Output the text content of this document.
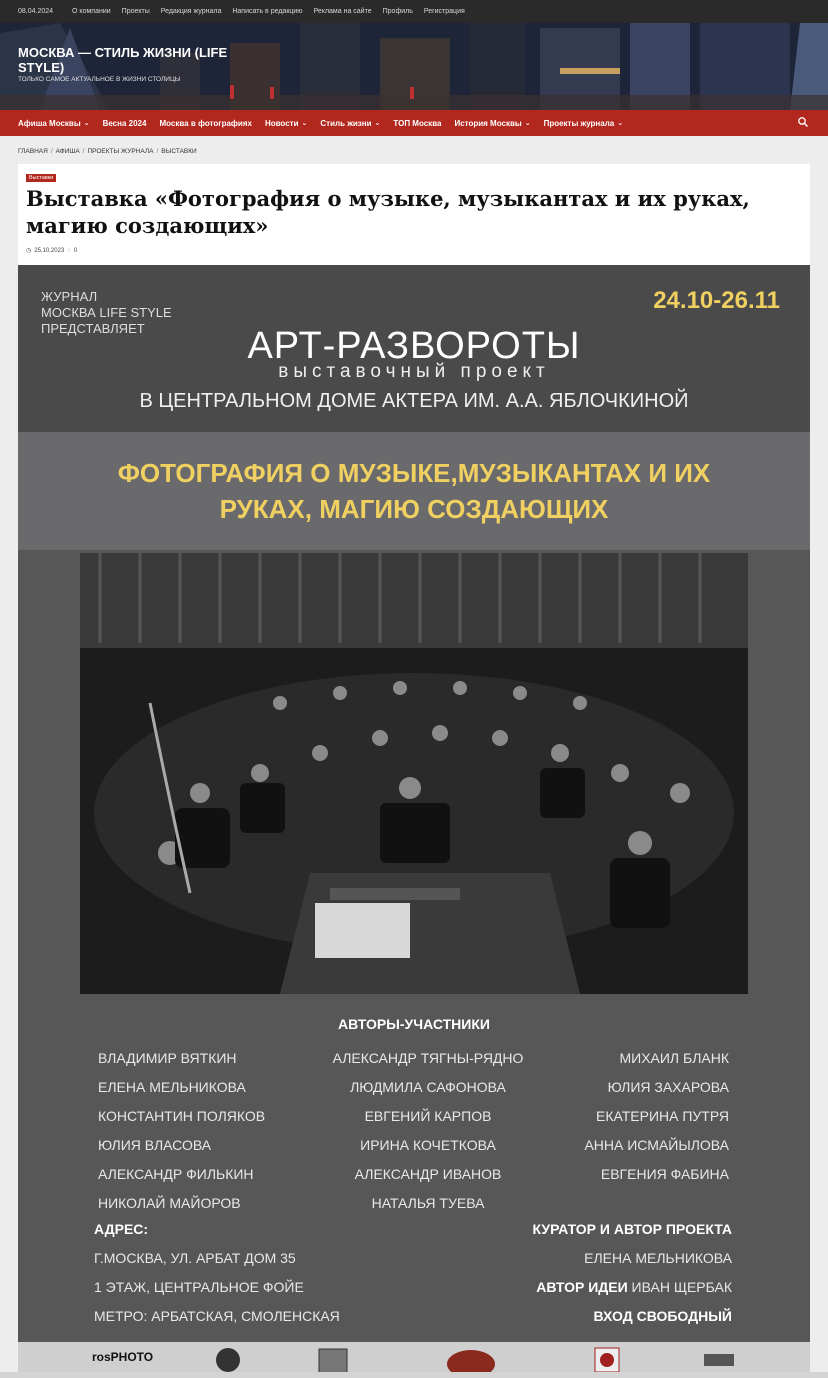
08.04.2024	О компании Проекты Редакция журнала Написать в редакцию Реклама на сайте Профиль Регистрация
МОСКВА — СТИЛЬ ЖИЗНИ (LIFE STYLE)
ТОЛЬКО САМОЕ АКТУАЛЬНОЕ В ЖИЗНИ СТОЛИЦЫ
Афиша Москвы ⌄ Весна 2024 Москва в фотографиях Новости ⌄ Стиль жизни ⌄ ТОП Москва История Москвы ⌄ Проекты журнала ⌄
ГЛАВНАЯ / АФИША / ПРОЕКТЫ ЖУРНАЛА / ВЫСТАВКИ
Выставки
Выставка «Фотография о музыке, музыкантах и их руках, магию создающих»
◷ 25.10.2023 ◌ 0
ЖУРНАЛ
МОСКВА LIFE STYLE
ПРЕДСТАВЛЯЕТ
24.10-26.11
АРТ-РАЗВОРОТЫ
выставочный проект
В ЦЕНТРАЛЬНОМ ДОМЕ АКТЕРА ИМ. А.А. ЯБЛОЧКИНОЙ
ФОТОГРАФИЯ О МУЗЫКЕ,МУЗЫКАНТАХ И ИХ
РУКАХ, МАГИЮ СОЗДАЮЩИХ
АВТОРЫ-УЧАСТНИКИ
ВЛАДИМИР ВЯТКИН
ЕЛЕНА МЕЛЬНИКОВА
КОНСТАНТИН ПОЛЯКОВ
ЮЛИЯ ВЛАСОВА
АЛЕКСАНДР ФИЛЬКИН
НИКОЛАЙ МАЙОРОВ
АЛЕКСАНДР ТЯГНЫ-РЯДНО
ЛЮДМИЛА САФОНОВА
ЕВГЕНИЙ КАРПОВ
ИРИНА КОЧЕТКОВА
АЛЕКСАНДР ИВАНОВ
НАТАЛЬЯ ТУЕВА
МИХАИЛ БЛАНК
ЮЛИЯ ЗАХАРОВА
ЕКАТЕРИНА ПУТРЯ
АННА ИСМАЙЫЛОВА
ЕВГЕНИЯ ФАБИНА
АДРЕС:
Г.МОСКВА, УЛ. АРБАТ ДОМ 35
1 ЭТАЖ, ЦЕНТРАЛЬНОЕ ФОЙЕ
МЕТРО: АРБАТСКАЯ, СМОЛЕНСКАЯ
КУРАТОР И АВТОР ПРОЕКТА
ЕЛЕНА МЕЛЬНИКОВА
АВТОР ИДЕИ ИВАН ЩЕРБАК
ВХОД СВОБОДНЫЙ
rosPHOTO
